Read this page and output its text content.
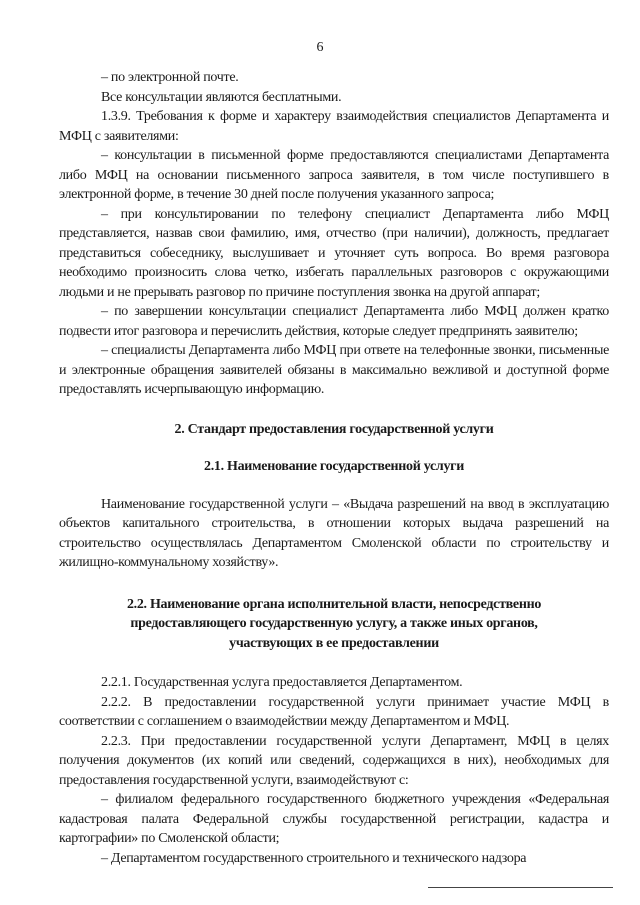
6

– по электронной почте.

Все консультации являются бесплатными.

1.3.9. Требования к форме и характеру взаимодействия специалистов Департамента и МФЦ с заявителями:

– консультации в письменной форме предоставляются специалистами Департамента либо МФЦ на основании письменного запроса заявителя, в том числе поступившего в электронной форме, в течение 30 дней после получения указанного запроса;

– при консультировании по телефону специалист Департамента либо МФЦ представляется, назвав свои фамилию, имя, отчество (при наличии), должность, предлагает представиться собеседнику, выслушивает и уточняет суть вопроса. Во время разговора необходимо произносить слова четко, избегать параллельных разговоров с окружающими людьми и не прерывать разговор по причине поступления звонка на другой аппарат;

– по завершении консультации специалист Департамента либо МФЦ должен кратко подвести итог разговора и перечислить действия, которые следует предпринять заявителю;

– специалисты Департамента либо МФЦ при ответе на телефонные звонки, письменные и электронные обращения заявителей обязаны в максимально вежливой и доступной форме предоставлять исчерпывающую информацию.

2. Стандарт предоставления государственной услуги
2.1. Наименование государственной услуги

Наименование государственной услуги – «Выдача разрешений на ввод в эксплуатацию объектов капитального строительства, в отношении которых выдача разрешений на строительство осуществлялась Департаментом Смоленской области по строительству и жилищно-коммунальному хозяйству».

2.2. Наименование органа исполнительной власти, непосредственно предоставляющего государственную услугу, а также иных органов, участвующих в ее предоставлении

2.2.1. Государственная услуга предоставляется Департаментом.

2.2.2. В предоставлении государственной услуги принимает участие МФЦ в соответствии с соглашением о взаимодействии между Департаментом и МФЦ.

2.2.3. При предоставлении государственной услуги Департамент, МФЦ в целях получения документов (их копий или сведений, содержащихся в них), необходимых для предоставления государственной услуги, взаимодействуют с:

– филиалом федерального государственного бюджетного учреждения «Федеральная кадастровая палата Федеральной службы государственной регистрации, кадастра и картографии» по Смоленской области;

– Департаментом государственного строительного и технического надзора
